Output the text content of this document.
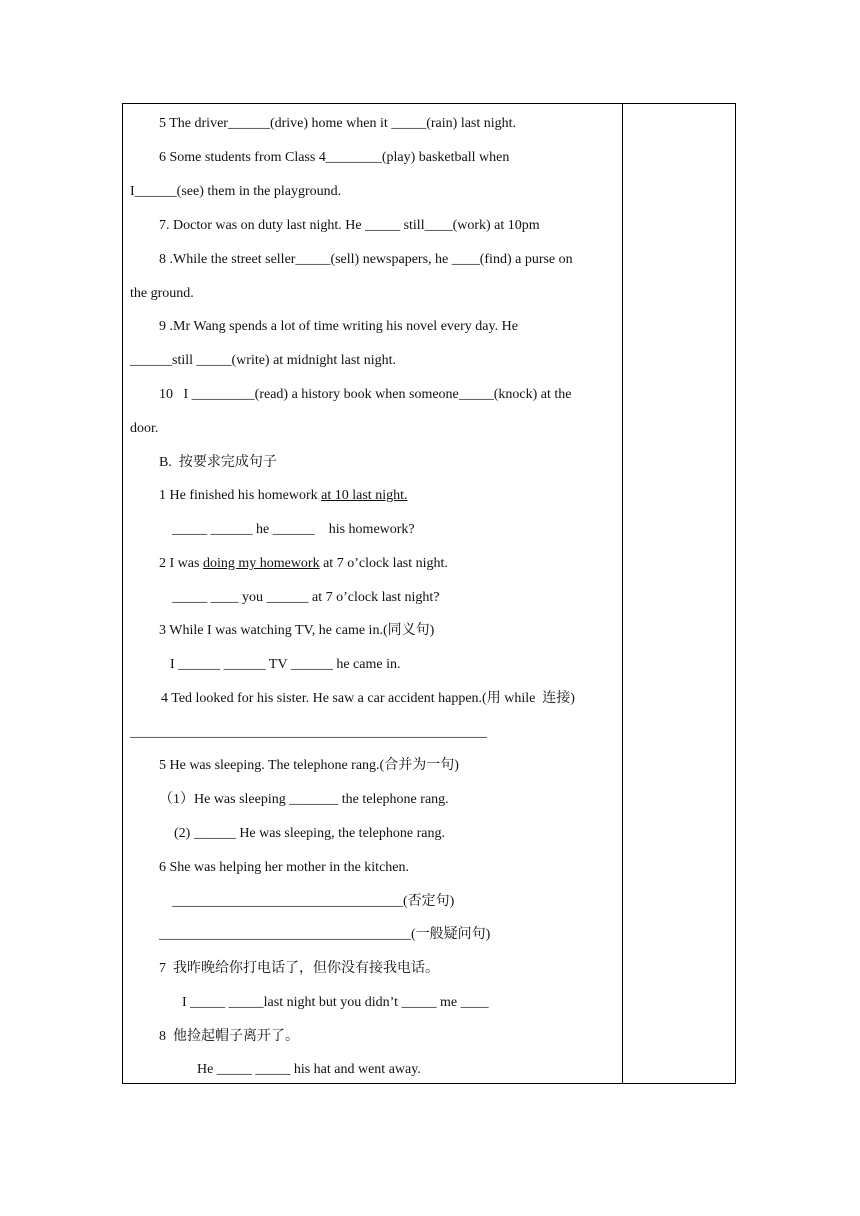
5 The driver______(drive) home when it _____(rain) last night.
6 Some students from Class 4________(play) basketball when
I______(see) them in the playground.
7. Doctor was on duty last night. He _____ still____(work) at 10pm
8 .While the street seller_____(sell) newspapers, he ____(find) a purse on
the ground.
9 .Mr Wang spends a lot of time writing his novel every day. He
______still _____(write) at midnight last night.
10   I _________(read) a history book when someone_____(knock) at the
door.
B.  按要求完成句子
1 He finished his homework at 10 last night.
_____ ______ he ______    his homework?
2 I was doing my homework at 7 o’clock last night.
_____ ____ you ______ at 7 o’clock last night?
3 While I was watching TV, he came in.(同义句)
I ______ ______ TV ______ he came in.
4 Ted looked for his sister. He saw a car accident happen.(用 while  连接)
___________________________________________________
5 He was sleeping. The telephone rang.(合并为一句)
（1）He was sleeping _______ the telephone rang.
(2) ______ He was sleeping, the telephone rang.
6 She was helping her mother in the kitchen.
_________________________________(否定句)
____________________________________(一般疑问句)
7  我昨晚给你打电话了，但你没有接我电话。
I _____ _____last night but you didn’t _____ me ____
8  他捡起帽子离开了。
He _____ _____ his hat and went away.
